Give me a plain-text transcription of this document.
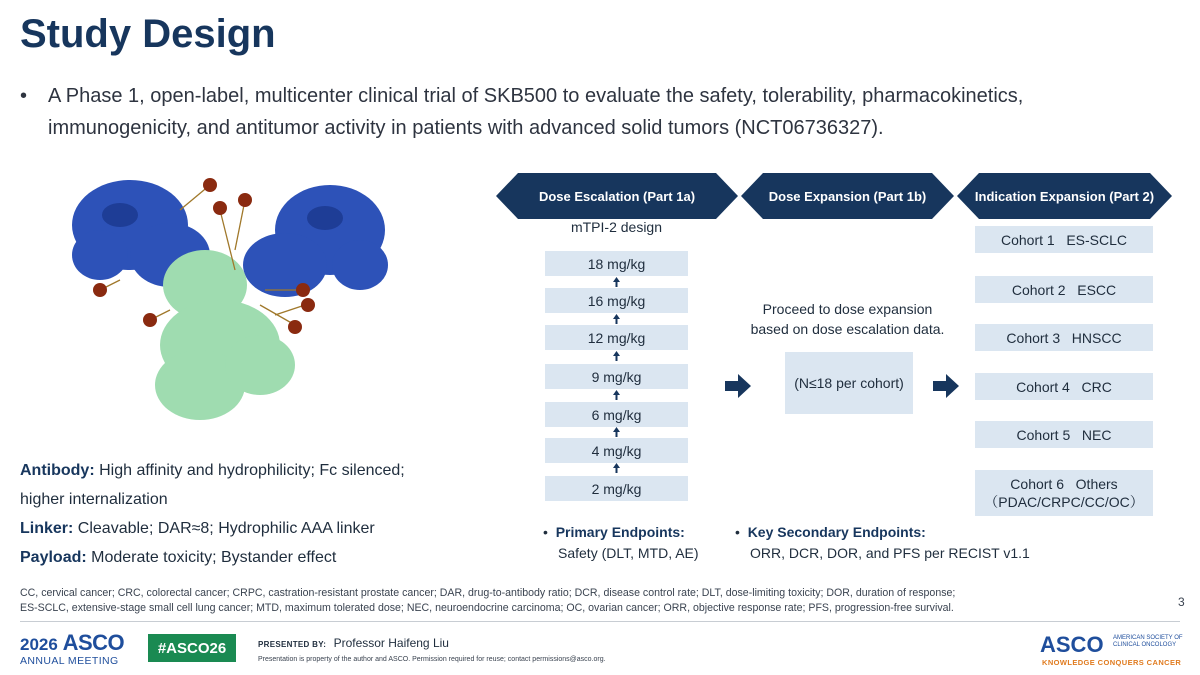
Study Design
• A Phase 1, open-label, multicenter clinical trial of SKB500 to evaluate the safety, tolerability, pharmacokinetics, immunogenicity, and antitumor activity in patients with advanced solid tumors (NCT06736327).
Antibody: High affinity and hydrophilicity; Fc silenced;
higher internalization
Linker: Cleavable; DAR≈8; Hydrophilic AAA linker
Payload: Moderate toxicity; Bystander effect
Dose Escalation (Part 1a)	Dose Expansion (Part 1b)	Indication Expansion (Part 2)
mTPI-2 design
18 mg/kg
16 mg/kg
12 mg/kg
9 mg/kg
6 mg/kg
4 mg/kg
2 mg/kg
Proceed to dose expansion
based on dose escalation data.
(N≤18 per cohort)
Cohort 1   ES-SCLC
Cohort 2   ESCC
Cohort 3   HNSCC
Cohort 4   CRC
Cohort 5   NEC
Cohort 6   Others
（PDAC/CRPC/CC/OC）
•  Primary Endpoints:
Safety (DLT, MTD, AE)
•  Key Secondary Endpoints:
ORR, DCR, DOR, and PFS per RECIST v1.1
CC, cervical cancer; CRC, colorectal cancer; CRPC, castration-resistant prostate cancer; DAR, drug-to-antibody ratio; DCR, disease control rate; DLT, dose-limiting toxicity; DOR, duration of response;
ES-SCLC, extensive-stage small cell lung cancer; MTD, maximum tolerated dose; NEC, neuroendocrine carcinoma; OC, ovarian cancer; ORR, objective response rate; PFS, progression-free survival.	3
2026 ASCO
ANNUAL MEETING
#ASCO26	PRESENTED BY: Professor Haifeng Liu
Presentation is property of the author and ASCO. Permission required for reuse; contact permissions@asco.org.
ASCO AMERICAN SOCIETY OF
CLINICAL ONCOLOGY
KNOWLEDGE CONQUERS CANCER
